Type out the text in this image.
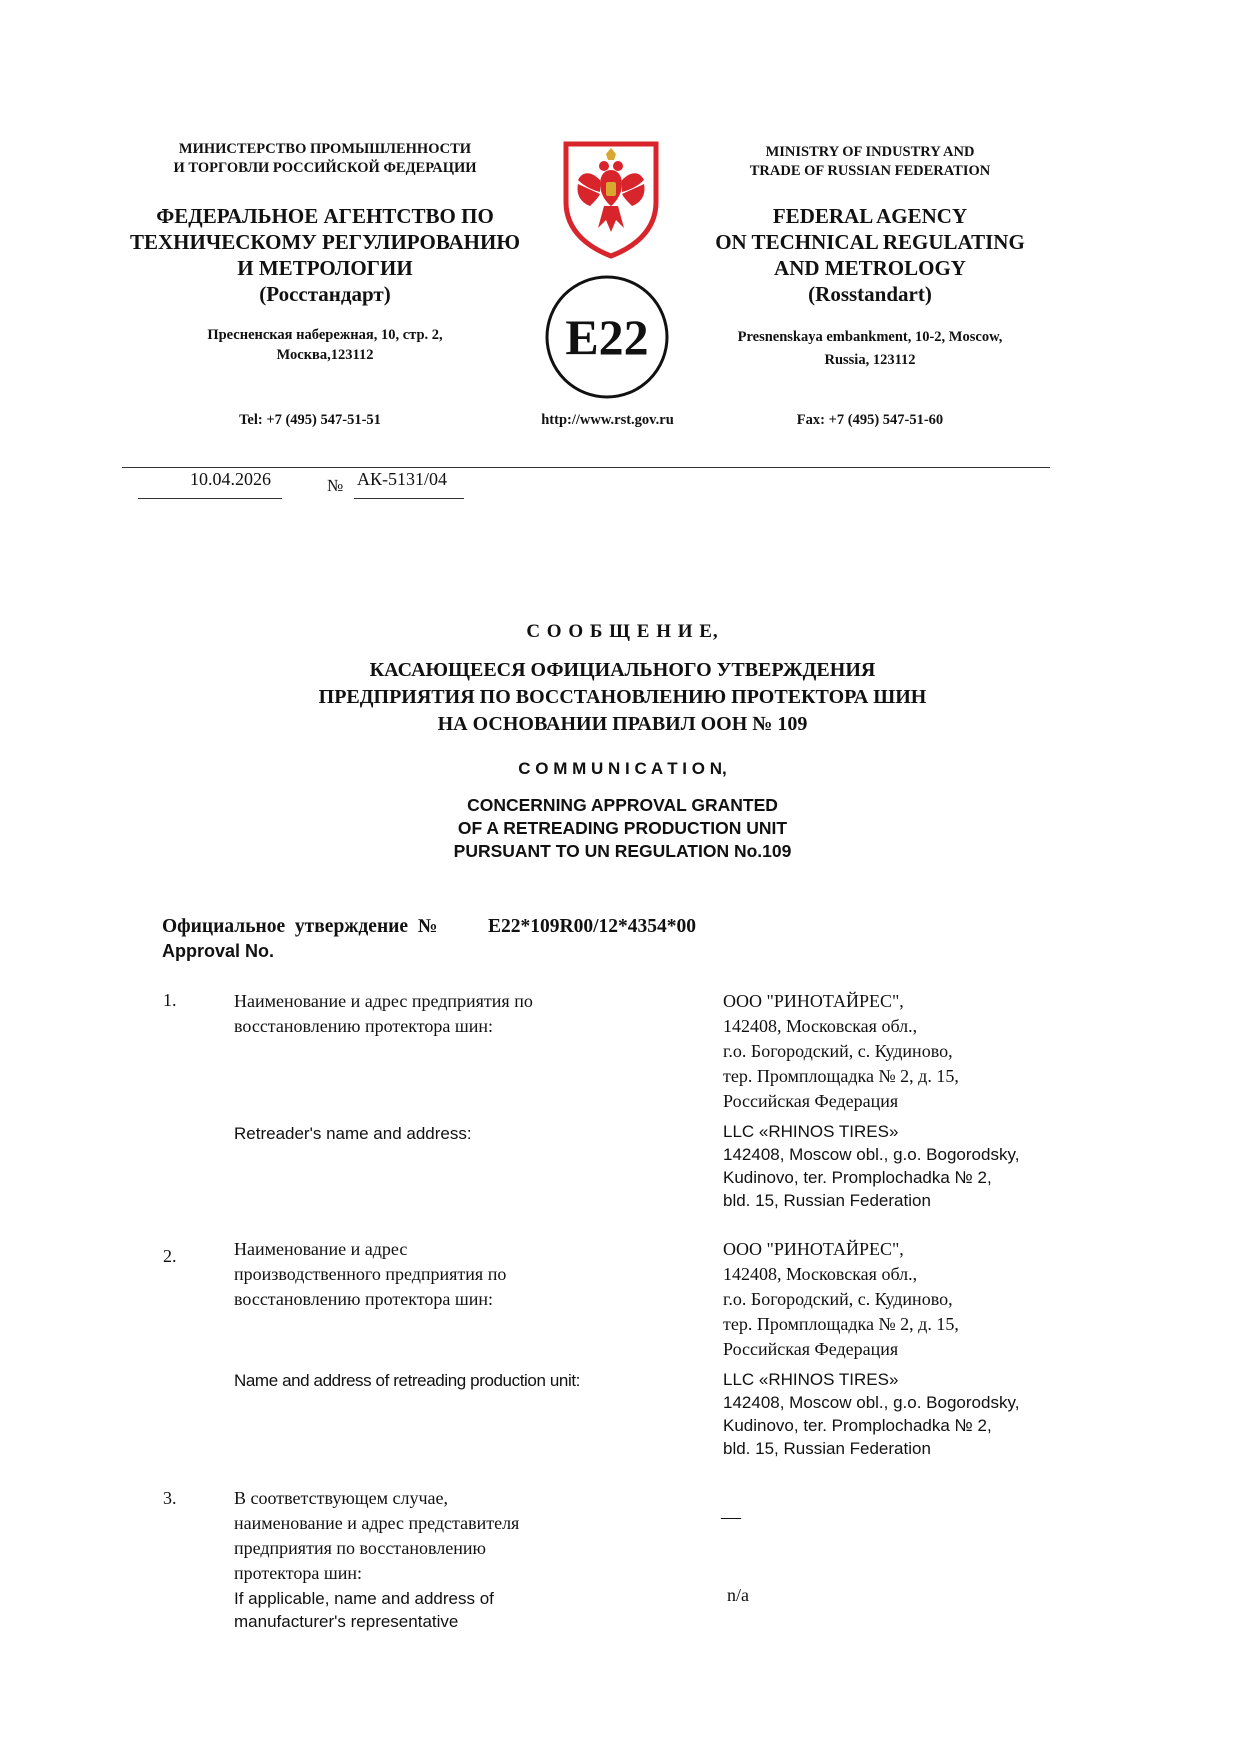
МИНИСТЕРСТВО ПРОМЫШЛЕННОСТИ
И ТОРГОВЛИ РОССИЙСКОЙ ФЕДЕРАЦИИ
ФЕДЕРАЛЬНОЕ АГЕНТСТВО ПО
ТЕХНИЧЕСКОМУ РЕГУЛИРОВАНИЮ
И МЕТРОЛОГИИ
(Росстандарт)
Пресненская набережная, 10, стр. 2,
Москва,123112
Tel: +7 (495) 547-51-51
E22
http://www.rst.gov.ru
MINISTRY OF INDUSTRY AND
TRADE OF RUSSIAN FEDERATION
FEDERAL AGENCY
ON TECHNICAL REGULATING
AND METROLOGY
(Rosstandart)
Presnenskaya embankment, 10-2, Moscow,
Russia, 123112
Fax: +7 (495) 547-51-60
10.04.2026	№ АК-5131/04
С О О Б Щ Е Н И Е,
КАСАЮЩЕЕСЯ ОФИЦИАЛЬНОГО УТВЕРЖДЕНИЯ
ПРЕДПРИЯТИЯ ПО ВОССТАНОВЛЕНИЮ ПРОТЕКТОРА ШИН
НА ОСНОВАНИИ ПРАВИЛ ООН № 109
C O M M U N I C A T I O N,
CONCERNING APPROVAL GRANTED
OF A RETREADING PRODUCTION UNIT
PURSUANT TO UN REGULATION No.109
Официальное  утверждение  №	E22*109R00/12*4354*00
Approval No.
1.	Наименование и адрес предприятия по
восстановлению протектора шин:
Retreader's name and address:
ООО "РИНОТАЙРЕС",
142408, Московская обл.,
г.о. Богородский, с. Кудиново,
тер. Промплощадка № 2, д. 15,
Российская Федерация
LLC «RHINOS TIRES»
142408, Moscow obl., g.o. Bogorodsky,
Kudinovo, ter. Promplochadka № 2,
bld. 15, Russian Federation
2.	Наименование и адрес
производственного предприятия по
восстановлению протектора шин:
Name and address of retreading production unit:
ООО "РИНОТАЙРЕС",
142408, Московская обл.,
г.о. Богородский, с. Кудиново,
тер. Промплощадка № 2, д. 15,
Российская Федерация
LLC «RHINOS TIRES»
142408, Moscow obl., g.o. Bogorodsky,
Kudinovo, ter. Promplochadka № 2,
bld. 15, Russian Federation
3.	В соответствующем случае,
наименование и адрес представителя
предприятия по восстановлению
протектора шин:
If applicable, name and address of
manufacturer's representative
—
n/a
